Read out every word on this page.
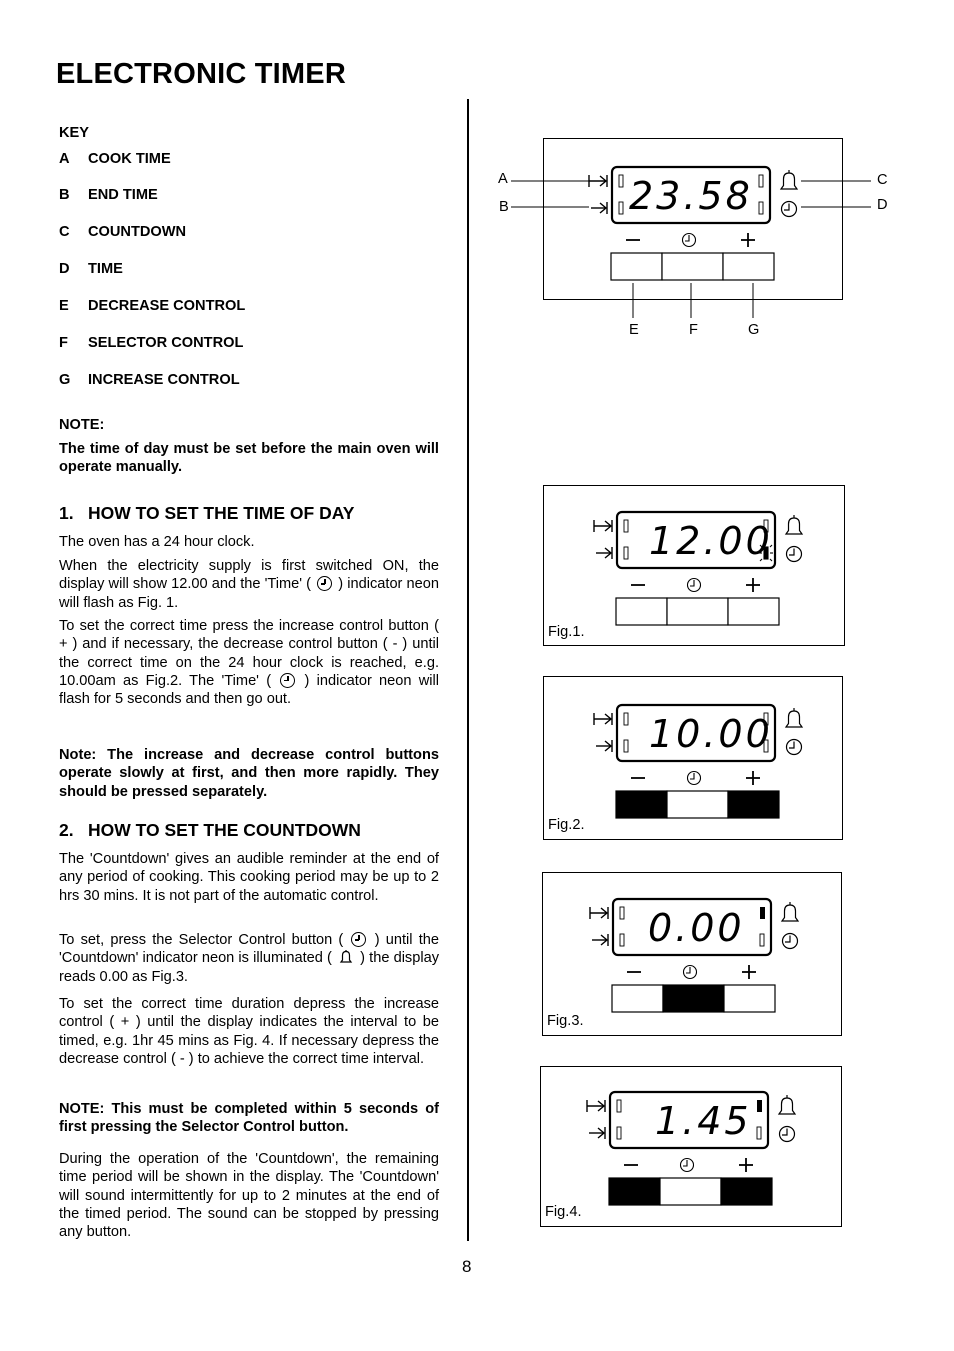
ELECTRONIC TIMER
KEY
A COOK TIME
B END TIME
C COUNTDOWN
D TIME
E DECREASE CONTROL
F SELECTOR CONTROL
G INCREASE CONTROL
NOTE:
The time of day must be set before the main oven will operate manually.
1. HOW TO SET THE TIME OF DAY
The oven has a 24 hour clock.
When the electricity supply is first switched ON, the display will show 12.00 and the 'Time' ( ) indicator neon will flash as Fig. 1.
To set the correct time press the increase control button ( + ) and if necessary, the decrease control button ( - ) until the correct time on the 24 hour clock is reached, e.g. 10.00am as Fig.2. The 'Time' ( ) indicator neon will flash for 5 seconds and then go out.
Note: The increase and decrease control buttons operate slowly at first, and then more rapidly. They should be pressed separately.
2. HOW TO SET THE COUNTDOWN
The 'Countdown' gives an audible reminder at the end of any period of cooking. This cooking period may be up to 2 hrs 30 mins. It is not part of the automatic control.
To set, press the Selector Control button ( ) until the 'Countdown' indicator neon is illuminated ( ) the display reads 0.00 as Fig.3.
To set the correct time duration depress the increase control ( + ) until the display indicates the interval to be timed, e.g. 1hr 45 mins as Fig. 4. If necessary depress the decrease control ( - ) to achieve the correct time interval.
NOTE: This must be completed within 5 seconds of first pressing the Selector Control button.
During the operation of the 'Countdown', the remaining time period will be shown in the display. The 'Countdown' will sound intermittently for up to 2 minutes at the end of the timed period. The sound can be stopped by pressing any button.
8
A
B
C
D
E	F	G
Fig.1.
Fig.2.
Fig.3.
Fig.4.
23.58
12.00
10.00
0.00
1.45
